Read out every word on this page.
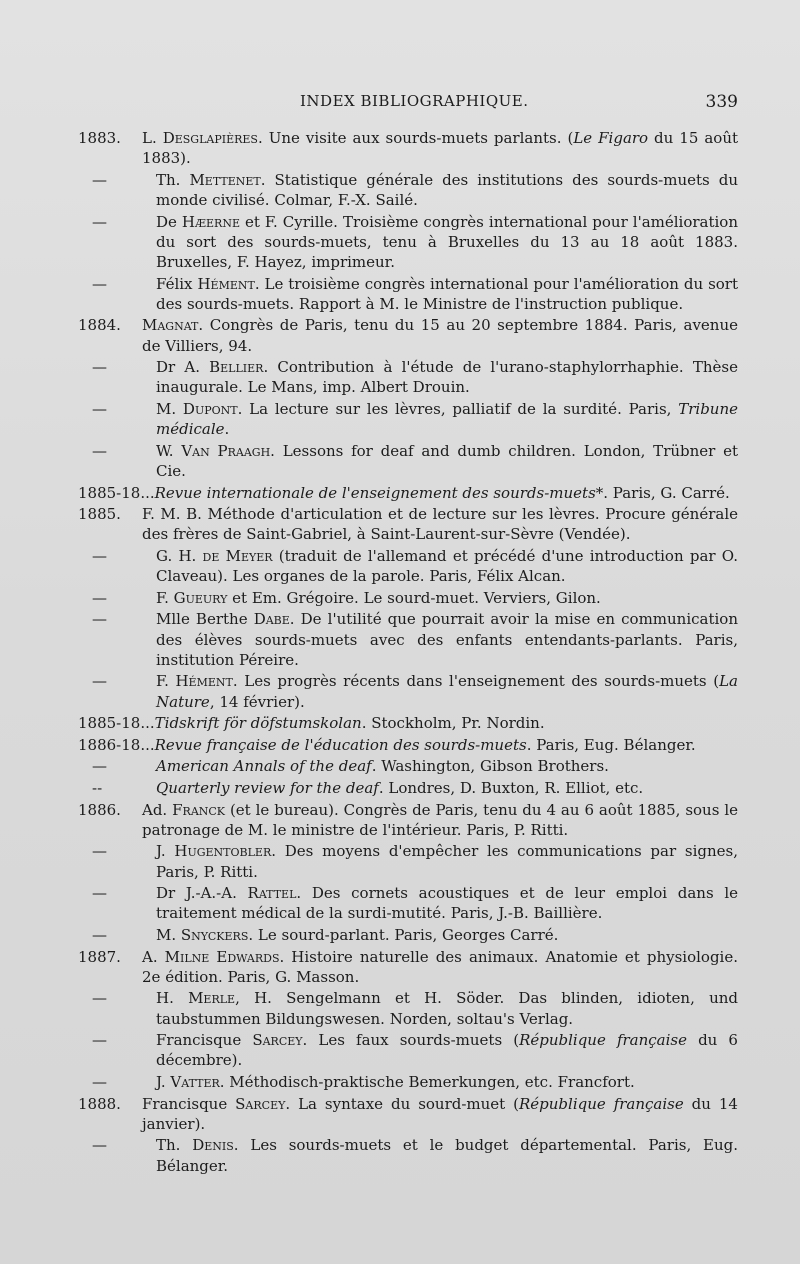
INDEX BIBLIOGRAPHIQUE.	339
1883.	L. Desglapières. Une visite aux sourds-muets parlants. (Le Figaro du 15 août 1883).
—	Th. Mettenet. Statistique générale des institutions des sourds-muets du monde civilisé. Colmar, F.-X. Sailé.
—	De Hæerne et F. Cyrille. Troisième congrès international pour l'amélioration du sort des sourds-muets, tenu à Bruxelles du 13 au 18 août 1883. Bruxelles, F. Hayez, imprimeur.
—	Félix Hément. Le troisième congrès international pour l'amélioration du sort des sourds-muets. Rapport à M. le Ministre de l'instruction publique.
1884.	Magnat. Congrès de Paris, tenu du 15 au 20 septembre 1884. Paris, avenue de Villiers, 94.
—	Dr A. Bellier. Contribution à l'étude de l'urano-staphylorrhaphie. Thèse inaugurale. Le Mans, imp. Albert Drouin.
—	M. Dupont. La lecture sur les lèvres, palliatif de la surdité. Paris, Tribune médicale.
—	W. Van Praagh. Lessons for deaf and dumb children. London, Trübner et Cie.
1885-18... Revue internationale de l'enseignement des sourds-muets*. Paris, G. Carré.
1885.	F. M. B. Méthode d'articulation et de lecture sur les lèvres. Procure générale des frères de Saint-Gabriel, à Saint-Laurent-sur-Sèvre (Vendée).
—	G. H. de Meyer (traduit de l'allemand et précédé d'une introduction par O. Claveau). Les organes de la parole. Paris, Félix Alcan.
—	F. Gueury et Em. Grégoire. Le sourd-muet. Verviers, Gilon.
—	Mlle Berthe Dabe. De l'utilité que pourrait avoir la mise en communication des élèves sourds-muets avec des enfants entendants-parlants. Paris, institution Péreire.
—	F. Hément. Les progrès récents dans l'enseignement des sourds-muets (La Nature, 14 février).
1885-18... Tidskrift för döfstumskolan. Stockholm, Pr. Nordin.
1886-18... Revue française de l'éducation des sourds-muets. Paris, Eug. Bélanger.
—	American Annals of the deaf. Washington, Gibson Brothers.
--	Quarterly review for the deaf. Londres, D. Buxton, R. Elliot, etc.
1886.	Ad. Franck (et le bureau). Congrès de Paris, tenu du 4 au 6 août 1885, sous le patronage de M. le ministre de l'intérieur. Paris, P. Ritti.
—	J. Hugentobler. Des moyens d'empêcher les communications par signes, Paris, P. Ritti.
—	Dr J.-A.-A. Rattel. Des cornets acoustiques et de leur emploi dans le traitement médical de la surdi-mutité. Paris, J.-B. Baillière.
—	M. Snyckers. Le sourd-parlant. Paris, Georges Carré.
1887.	A. Milne Edwards. Histoire naturelle des animaux. Anatomie et physiologie. 2e édition. Paris, G. Masson.
—	H. Merle, H. Sengelmann et H. Söder. Das blinden, idioten, und taubstummen Bildungswesen. Norden, soltau's Verlag.
—	Francisque Sarcey. Les faux sourds-muets (République française du 6 décembre).
—	J. Vatter. Méthodisch-praktische Bemerkungen, etc. Francfort.
1888.	Francisque Sarcey. La syntaxe du sourd-muet (République française du 14 janvier).
—	Th. Denis. Les sourds-muets et le budget départemental. Paris, Eug. Bélanger.
